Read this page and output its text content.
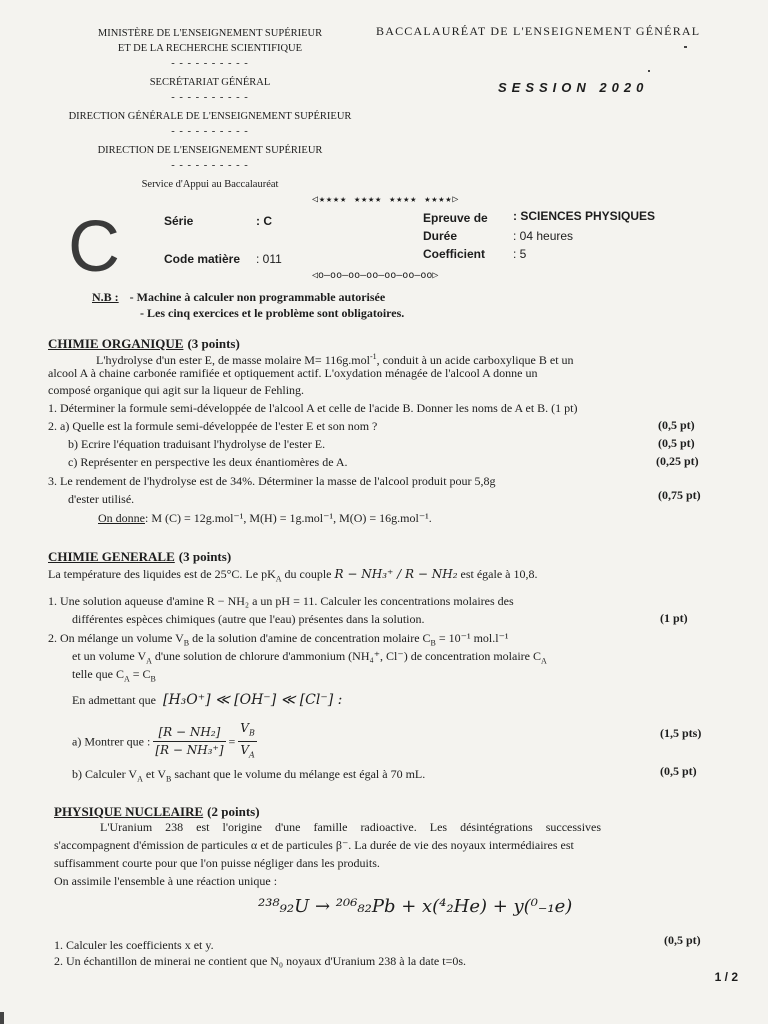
MINISTÈRE DE L'ENSEIGNEMENT SUPÉRIEUR
ET DE LA RECHERCHE SCIENTIFIQUE
- - - - - - - - - -
SECRÉTARIAT GÉNÉRAL
- - - - - - - - - -
DIRECTION GÉNÉRALE DE L'ENSEIGNEMENT SUPÉRIEUR
- - - - - - - - - -
DIRECTION DE L'ENSEIGNEMENT SUPÉRIEUR
- - - - - - - - - -
Service d'Appui au Baccalauréat
BACCALAURÉAT DE L'ENSEIGNEMENT GÉNÉRAL
SESSION 2020
◁★★★★ ★★★★ ★★★★ ★★★★▷
◁o—oo—oo—oo—oo—oo—oo▷
C	Série	: C
Code matière : 011
Epreuve de : SCIENCES PHYSIQUES
Durée	: 04 heures
Coefficient : 5
N.B : - Machine à calculer non programmable autorisée
- Les cinq exercices et le problème sont obligatoires.
CHIMIE ORGANIQUE (3 points)
L'hydrolyse d'un ester E, de masse molaire M= 116g.mol$^{-1}$, conduit à un acide carboxylique B et un
alcool A à chaine carbonée ramifiée et optiquement actif. L'oxydation ménagée de l'alcool A donne un
composé organique qui agit sur la liqueur de Fehling.
1. Déterminer la formule semi-développée de l'alcool A et celle de l'acide B. Donner les noms de A et B. (1 pt)
2. a) Quelle est la formule semi-développée de l'ester E et son nom ?	(0,5 pt)
b) Ecrire l'équation traduisant l'hydrolyse de l'ester E.	(0,5 pt)
c) Représenter en perspective les deux énantiomères de A.	(0,25 pt)
3. Le rendement de l'hydrolyse est de 34%. Déterminer la masse de l'alcool produit pour 5,8g
d'ester utilisé.	(0,75 pt)
On donne: M (C) = 12g.mol⁻¹, M(H) = 1g.mol⁻¹, M(O) = 16g.mol⁻¹.
CHIMIE GENERALE (3 points)
La température des liquides est de 25°C. Le $pK_A$ du couple R − NH₃⁺ / R − NH₂ est égale à 10,8.
1. Une solution aqueuse d'amine R − NH₂ a un pH = 11. Calculer les concentrations molaires des
différentes espèces chimiques (autre que l'eau) présentes dans la solution.	(1 pt)
2. On mélange un volume $V_B$ de la solution d'amine de concentration molaire $C_B = 10^{-1}$ mol.l⁻¹
et un volume $V_A$ d'une solution de chlorure d'ammonium (NH₄⁺, Cl⁻) de concentration molaire $C_A$
telle que $C_A = C_B$
En admettant que [H₃O⁺] ≪ [OH⁻] ≪ [Cl⁻] :
a) Montrer que : $\frac{\text{[R − NH₂]}}{\text{[R − NH₃⁺]}} = \frac{V_B}{V_A}$	(1,5 pts)
b) Calculer $V_A$ et $V_B$ sachant que le volume du mélange est égal à 70 mL.	(0,5 pt)
PHYSIQUE NUCLEAIRE (2 points)
L'Uranium 238 est l'origine d'une famille radioactive. Les désintégrations successives
s'accompagnent d'émission de particules α et de particules β⁻. La durée de vie des noyaux intermédiaires est
suffisamment courte pour que l'on puisse négliger dans les produits.
On assimile l'ensemble à une réaction unique :
²³⁸₉₂U → ²⁰⁶₈₂Pb + x(⁴₂He) + y(⁰₋₁e)
1. Calculer les coefficients x et y.	(0,5 pt)
2. Un échantillon de minerai ne contient que N₀ noyaux d'Uranium 238 à la date t=0s.
1 / 2
